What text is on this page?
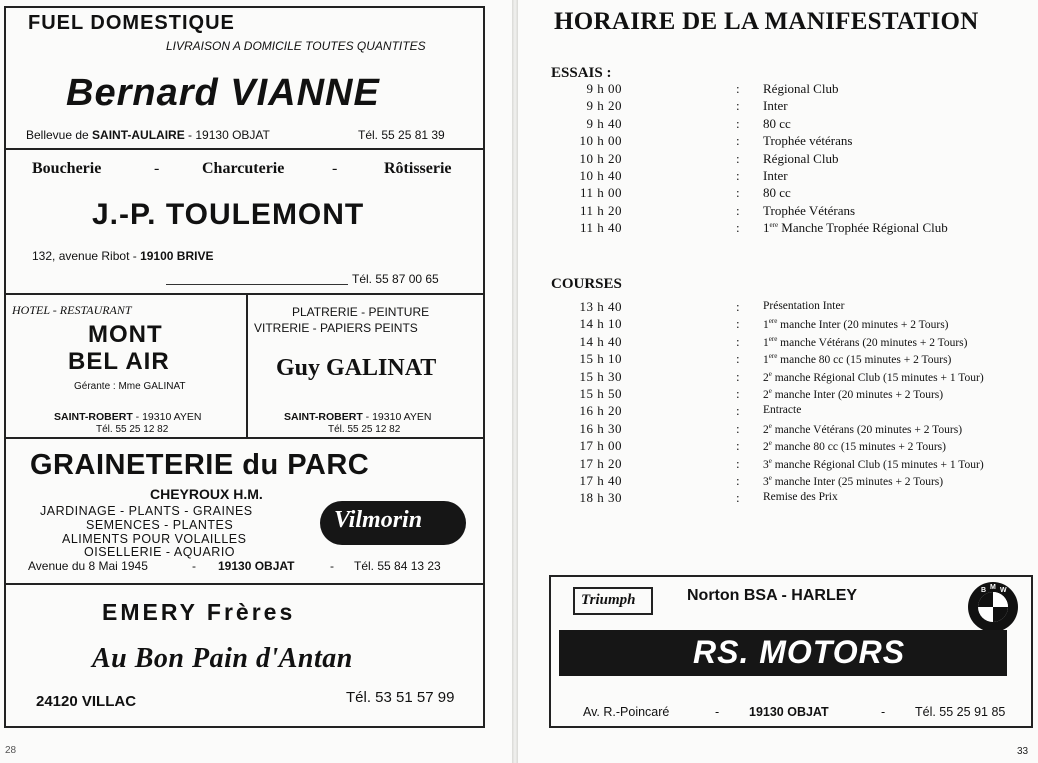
FUEL DOMESTIQUE
LIVRAISON A DOMICILE TOUTES QUANTITES
Bernard VIANNE
Bellevue de SAINT-AULAIRE - 19130 OBJAT	Tél. 55 25 81 39
Boucherie	-	Charcuterie	-	Rôtisserie
J.-P. TOULEMONT
132, avenue Ribot - 19100 BRIVE
Tél. 55 87 00 65
HOTEL - RESTAURANT
MONT
BEL AIR
Gérante : Mme GALINAT
SAINT-ROBERT - 19310 AYEN
Tél. 55 25 12 82
PLATRERIE - PEINTURE
VITRERIE - PAPIERS PEINTS
Guy GALINAT
SAINT-ROBERT - 19310 AYEN
Tél. 55 25 12 82
GRAINETERIE du PARC
CHEYROUX H.M.
JARDINAGE - PLANTS - GRAINES
SEMENCES - PLANTES
ALIMENTS POUR VOLAILLES
OISELLERIE - AQUARIO
Avenue du 8 Mai 1945	- 19130 OBJAT	- Tél. 55 84 13 23
Vilmorin
EMERY Frères
Au Bon Pain d'Antan
24120 VILLAC	Tél. 53 51 57 99
28
HORAIRE DE LA MANIFESTATION
ESSAIS :
9 h 00	: Régional Club
9 h 20	: Inter
9 h 40	: 80 cc
10 h 00	: Trophée vétérans
10 h 20	: Régional Club
10 h 40	: Inter
11 h 00	: 80 cc
11 h 20	: Trophée Vétérans
11 h 40	: 1ere Manche Trophée Régional Club
COURSES
13 h 40	: Présentation Inter
14 h 10	: 1ere manche Inter (20 minutes + 2 Tours)
14 h 40	: 1ere manche Vétérans (20 minutes + 2 Tours)
15 h 10	: 1ere manche 80 cc (15 minutes + 2 Tours)
15 h 30	: 2e manche Régional Club (15 minutes + 1 Tour)
15 h 50	: 2e manche Inter (20 minutes + 2 Tours)
16 h 20	: Entracte
16 h 30	: 2e manche Vétérans (20 minutes + 2 Tours)
17 h 00	: 2e manche 80 cc (15 minutes + 2 Tours)
17 h 20	: 3e manche Régional Club (15 minutes + 1 Tour)
17 h 40	: 3e manche Inter (25 minutes + 2 Tours)
18 h 30	: Remise des Prix
Triumph	Norton BSA - HARLEY	B M W
RS. MOTORS
Av. R.-Poincaré	- 19130 OBJAT	- Tél. 55 25 91 85
33
